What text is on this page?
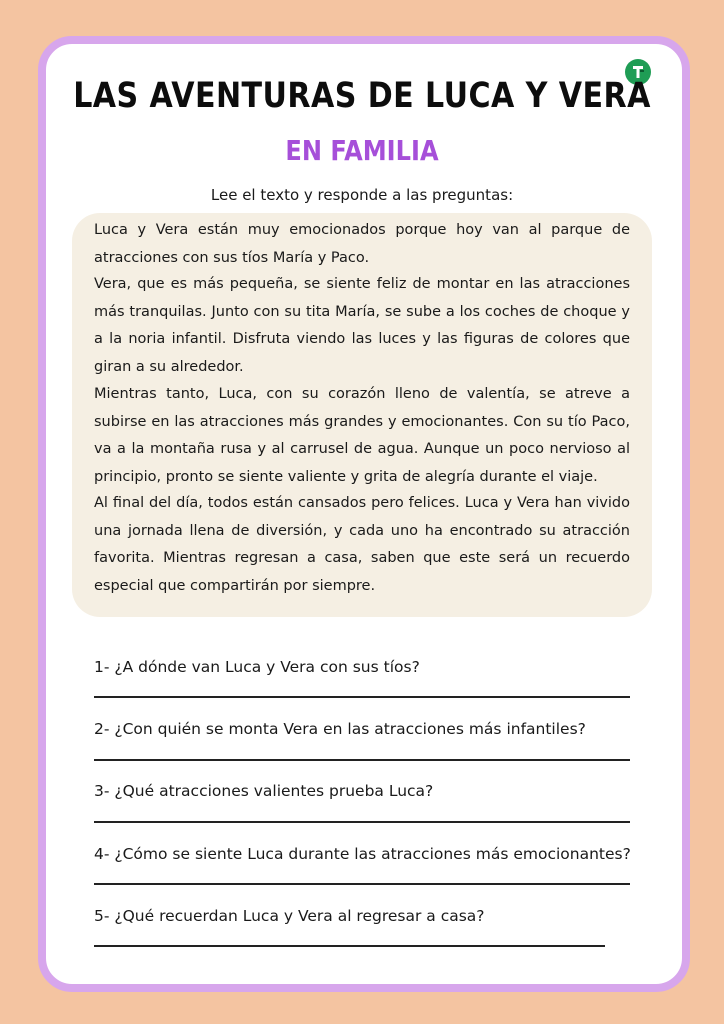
LAS AVENTURAS DE LUCA Y VERA
EN FAMILIA
Lee el texto y responde a las preguntas:

Luca y Vera están muy emocionados porque hoy van al parque de atracciones con sus tíos María y Paco.

Vera, que es más pequeña, se siente feliz de montar en las atracciones más tranquilas. Junto con su tita María, se sube a los coches de choque y a la noria infantil. Disfruta viendo las luces y las figuras de colores que giran a su alrededor.

Mientras tanto, Luca, con su corazón lleno de valentía, se atreve a subirse en las atracciones más grandes y emocionantes. Con su tío Paco, va a la montaña rusa y al carrusel de agua. Aunque un poco nervioso al principio, pronto se siente valiente y grita de alegría durante el viaje.

Al final del día, todos están cansados pero felices. Luca y Vera han vivido una jornada llena de diversión, y cada uno ha encontrado su atracción favorita. Mientras regresan a casa, saben que este será un recuerdo especial que compartirán por siempre.

1- ¿A dónde van Luca y Vera con sus tíos?
2- ¿Con quién se monta Vera en las atracciones más infantiles?
3- ¿Qué atracciones valientes prueba Luca?
4- ¿Cómo se siente Luca durante las atracciones más emocionantes?
5- ¿Qué recuerdan Luca y Vera al regresar a casa?
